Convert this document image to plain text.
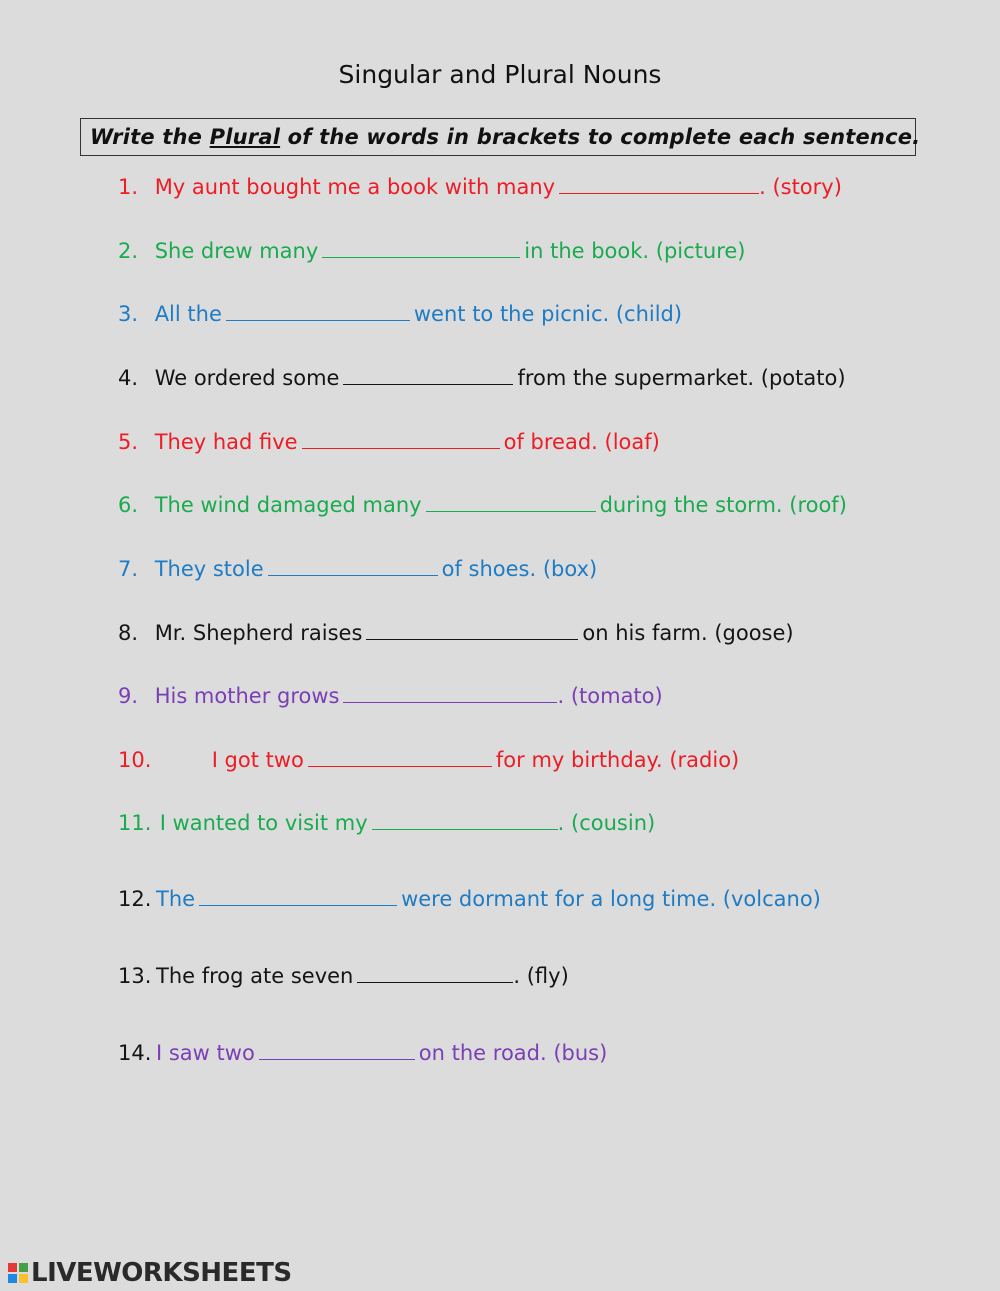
Singular and Plural Nouns
Write the Plural of the words in brackets to complete each sentence.
1. My aunt bought me a book with many	. (story)
2. She drew many	in the book. (picture)
3. All the	went to the picnic. (child)
4. We ordered some	from the supermarket. (potato)
5. They had five	of bread. (loaf)
6. The wind damaged many	during the storm. (roof)
7. They stole	of shoes. (box)
8. Mr. Shepherd raises	on his farm. (goose)
9. His mother grows	. (tomato)
10.	I got two	for my birthday. (radio)
11. I wanted to visit my	. (cousin)
12. The	were dormant for a long time. (volcano)
13. The frog ate seven	. (fly)
14. I saw two	on the road. (bus)
LIVEWORKSHEETS
